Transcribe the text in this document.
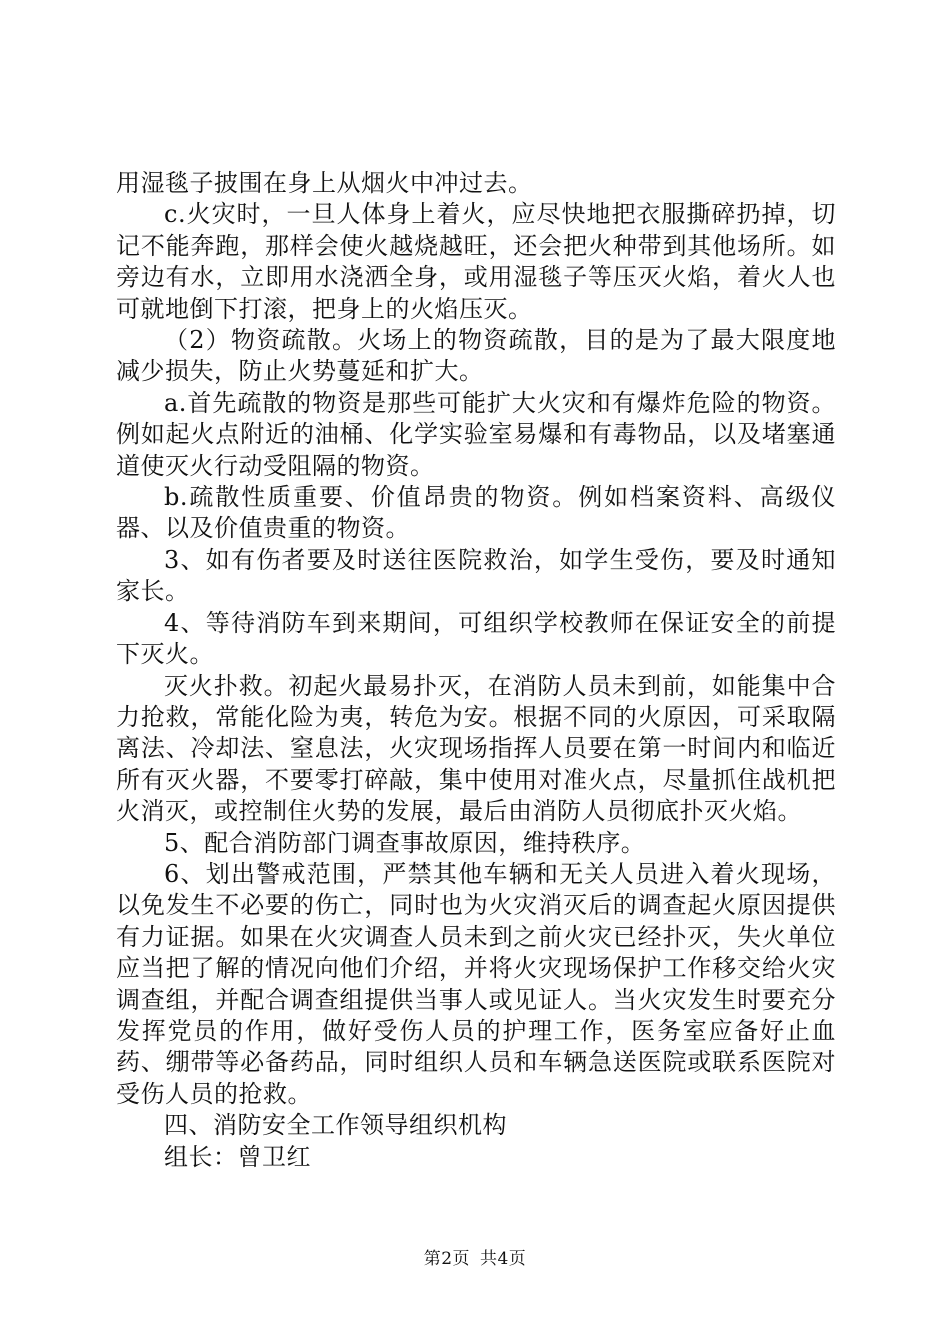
用湿毯子披围在身上从烟火中冲过去。

c.火灾时，一旦人体身上着火，应尽快地把衣服撕碎扔掉，切记不能奔跑，那样会使火越烧越旺，还会把火种带到其他场所。如旁边有水，立即用水浇洒全身，或用湿毯子等压灭火焰，着火人也可就地倒下打滚，把身上的火焰压灭。

（2）物资疏散。火场上的物资疏散，目的是为了最大限度地减少损失，防止火势蔓延和扩大。

a.首先疏散的物资是那些可能扩大火灾和有爆炸危险的物资。例如起火点附近的油桶、化学实验室易爆和有毒物品，以及堵塞通道使灭火行动受阻隔的物资。

b.疏散性质重要、价值昂贵的物资。例如档案资料、高级仪器、以及价值贵重的物资。

3、如有伤者要及时送往医院救治，如学生受伤，要及时通知家长。

4、等待消防车到来期间，可组织学校教师在保证安全的前提下灭火。

灭火扑救。初起火最易扑灭，在消防人员未到前，如能集中合力抢救，常能化险为夷，转危为安。根据不同的火原因，可采取隔离法、冷却法、窒息法，火灾现场指挥人员要在第一时间内和临近所有灭火器，不要零打碎敲，集中使用对准火点，尽量抓住战机把火消灭，或控制住火势的发展，最后由消防人员彻底扑灭火焰。

5、配合消防部门调查事故原因，维持秩序。

6、划出警戒范围，严禁其他车辆和无关人员进入着火现场，以免发生不必要的伤亡，同时也为火灾消灭后的调查起火原因提供有力证据。如果在火灾调查人员未到之前火灾已经扑灭，失火单位应当把了解的情况向他们介绍，并将火灾现场保护工作移交给火灾调查组，并配合调查组提供当事人或见证人。当火灾发生时要充分发挥党员的作用，做好受伤人员的护理工作，医务室应备好止血药、绷带等必备药品，同时组织人员和车辆急送医院或联系医院对受伤人员的抢救。

四、消防安全工作领导组织机构

组长：曾卫红

第2页 共4页
